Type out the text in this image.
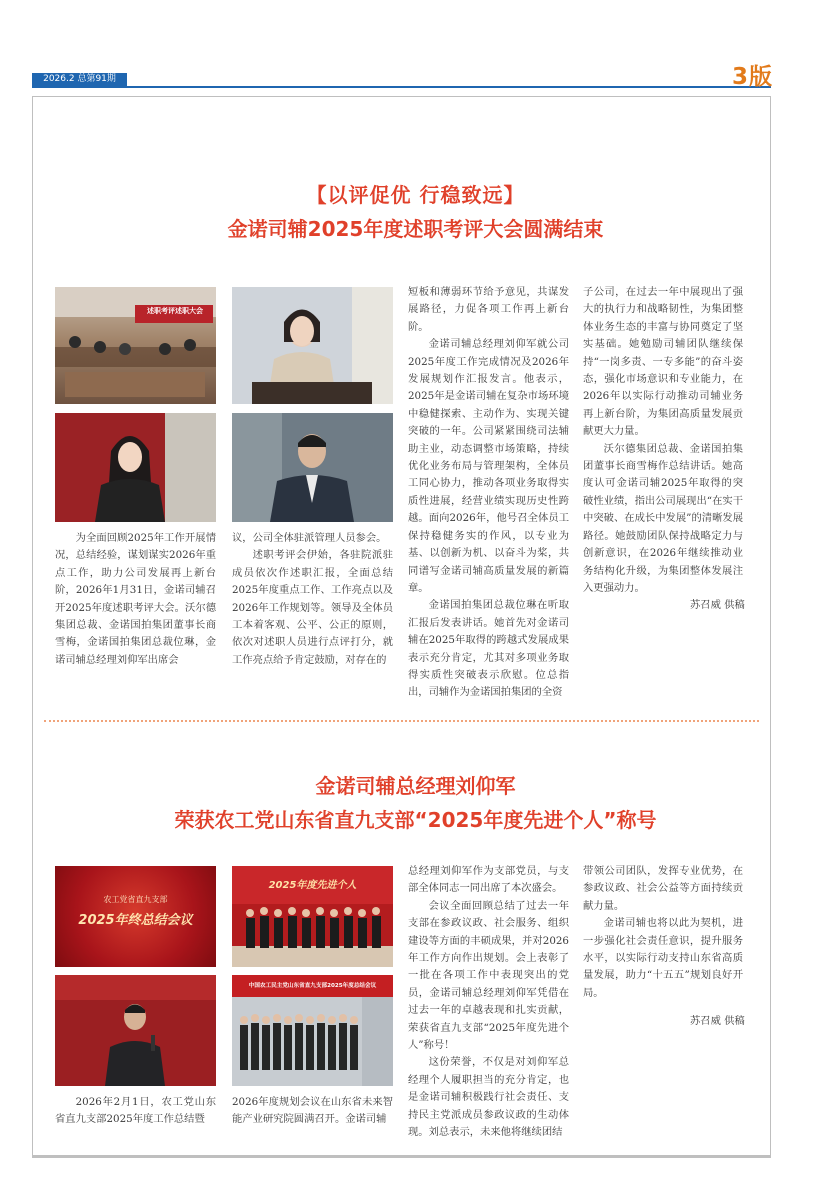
2026.2 总第91期	3版
【以评促优 行稳致远】
金诺司辅2025年度述职考评大会圆满结束
述职考评述职大会

为全面回顾2025年工作开展情况，总结经验，谋划谋实2026年重点工作，助力公司发展再上新台阶，2026年1月31日，金诺司辅召开2025年度述职考评大会。沃尔德集团总裁、金诺国拍集团董事长商雪梅，金诺国拍集团总裁位琳，金诺司辅总经理刘仰军出席会

议，公司全体驻派管理人员参会。

述职考评会伊始，各驻院派驻成员依次作述职汇报，全面总结2025年度重点工作、工作亮点以及2026年工作规划等。领导及全体员工本着客观、公平、公正的原则，依次对述职人员进行点评打分，就工作亮点给予肯定鼓励，对存在的

短板和薄弱环节给予意见，共谋发展路径，力促各项工作再上新台阶。

金诺司辅总经理刘仰军就公司2025年度工作完成情况及2026年发展规划作汇报发言。他表示，2025年是金诺司辅在复杂市场环境中稳健探索、主动作为、实现关键突破的一年。公司紧紧围绕司法辅助主业，动态调整市场策略，持续优化业务布局与管理架构，全体员工同心协力，推动各项业务取得实质性进展，经营业绩实现历史性跨越。面向2026年，他号召全体员工保持稳健务实的作风，以专业为基、以创新为机、以奋斗为桨，共同谱写金诺司辅高质量发展的新篇章。

金诺国拍集团总裁位琳在听取汇报后发表讲话。她首先对金诺司辅在2025年取得的跨越式发展成果表示充分肯定，尤其对多项业务取得实质性突破表示欣慰。位总指出，司辅作为金诺国拍集团的全资

子公司，在过去一年中展现出了强大的执行力和战略韧性，为集团整体业务生态的丰富与协同奠定了坚实基础。她勉励司辅团队继续保持“一岗多责、一专多能”的奋斗姿态，强化市场意识和专业能力，在2026年以实际行动推动司辅业务再上新台阶，为集团高质量发展贡献更大力量。

沃尔德集团总裁、金诺国拍集团董事长商雪梅作总结讲话。她高度认可金诺司辅2025年取得的突破性业绩，指出公司展现出“在实干中突破、在成长中发展”的清晰发展路径。她鼓励团队保持战略定力与创新意识，在2026年继续推动业务结构化升级，为集团整体发展注入更强动力。

苏召威 供稿
金诺司辅总经理刘仰军
荣获农工党山东省直九支部“2025年度先进个人”称号
农工党省直九支部
2025年终总结会议
2025年度先进个人
中国农工民主党山东省直九支部2025年度总结会议

2026年2月1日，农工党山东省直九支部2025年度工作总结暨

2026年度规划会议在山东省未来智能产业研究院圆满召开。金诺司辅

总经理刘仰军作为支部党员，与支部全体同志一同出席了本次盛会。

会议全面回顾总结了过去一年支部在参政议政、社会服务、组织建设等方面的丰硕成果，并对2026年工作方向作出规划。会上表彰了一批在各项工作中表现突出的党员，金诺司辅总经理刘仰军凭借在过去一年的卓越表现和扎实贡献，荣获省直九支部“2025年度先进个人”称号！

这份荣誉，不仅是对刘仰军总经理个人履职担当的充分肯定，也是金诺司辅积极践行社会责任、支持民主党派成员参政议政的生动体现。刘总表示，未来他将继续团结

带领公司团队，发挥专业优势，在参政议政、社会公益等方面持续贡献力量。

金诺司辅也将以此为契机，进一步强化社会责任意识，提升服务水平，以实际行动支持山东省高质量发展，助力“十五五”规划良好开局。

苏召威 供稿
